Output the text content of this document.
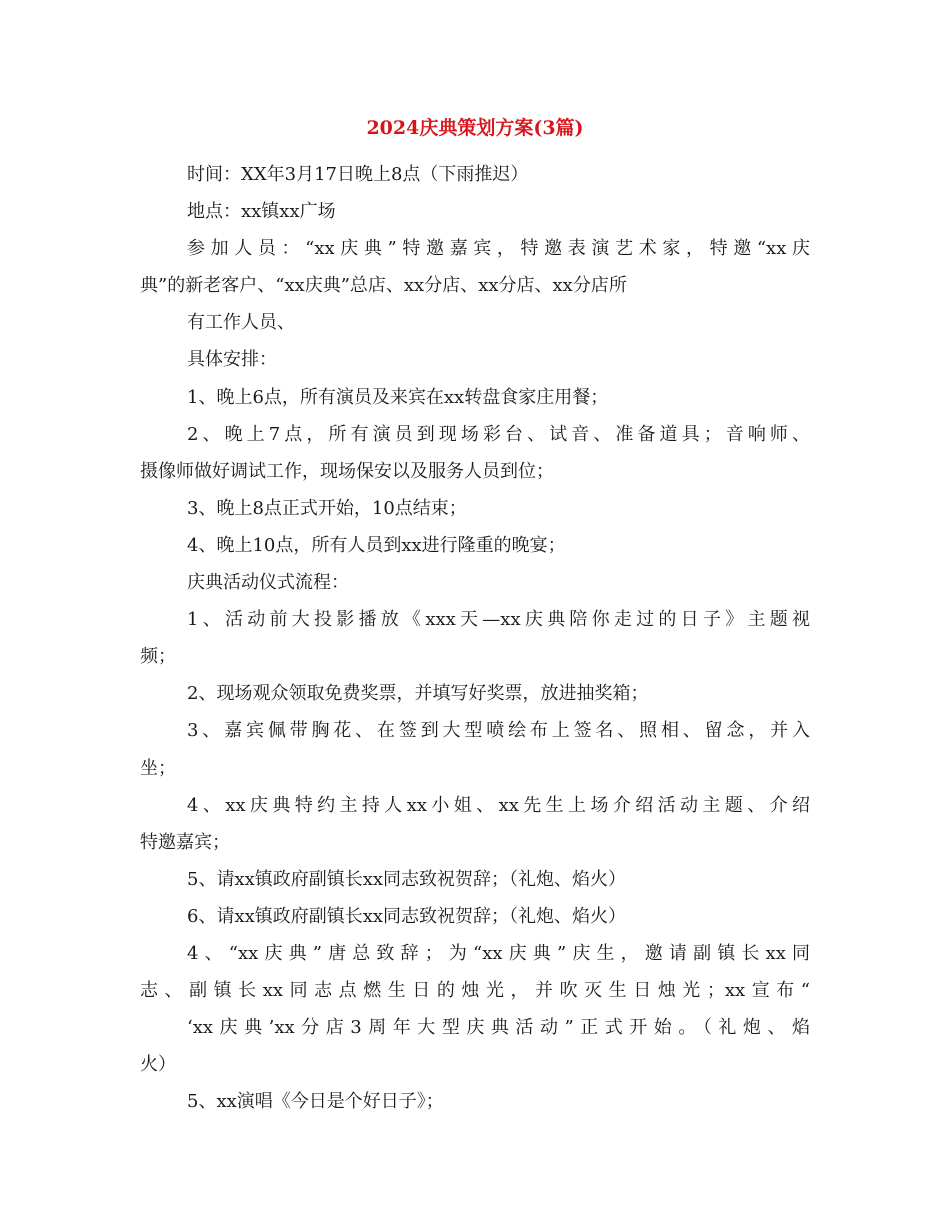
2024庆典策划方案(3篇)
时间：XX年3月17日晚上8点（下雨推迟）
地点：xx镇xx广场
参加人员：“xx庆典”特邀嘉宾，特邀表演艺术家，特邀“xx庆
典”的新老客户、“xx庆典”总店、xx分店、xx分店、xx分店所
有工作人员、
具体安排：
1、晚上6点，所有演员及来宾在xx转盘食家庄用餐；
2、晚上7点，所有演员到现场彩台、试音、准备道具；音响师、
摄像师做好调试工作，现场保安以及服务人员到位；
3、晚上8点正式开始，10点结束；
4、晚上10点，所有人员到xx进行隆重的晚宴；
庆典活动仪式流程：
1、活动前大投影播放《xxx天—xx庆典陪你走过的日子》主题视
频；
2、现场观众领取免费奖票，并填写好奖票，放进抽奖箱；
3、嘉宾佩带胸花、在签到大型喷绘布上签名、照相、留念，并入
坐；
4、xx庆典特约主持人xx小姐、xx先生上场介绍活动主题、介绍
特邀嘉宾；
5、请xx镇政府副镇长xx同志致祝贺辞；（礼炮、焰火）
6、请xx镇政府副镇长xx同志致祝贺辞；（礼炮、焰火）
4、“xx庆典”唐总致辞；为“xx庆典”庆生，邀请副镇长xx同
志、副镇长xx同志点燃生日的烛光，并吹灭生日烛光；xx宣布“
‘xx庆典’xx分店3周年大型庆典活动”正式开始。（礼炮、焰
火）
5、xx演唱《今日是个好日子》；
